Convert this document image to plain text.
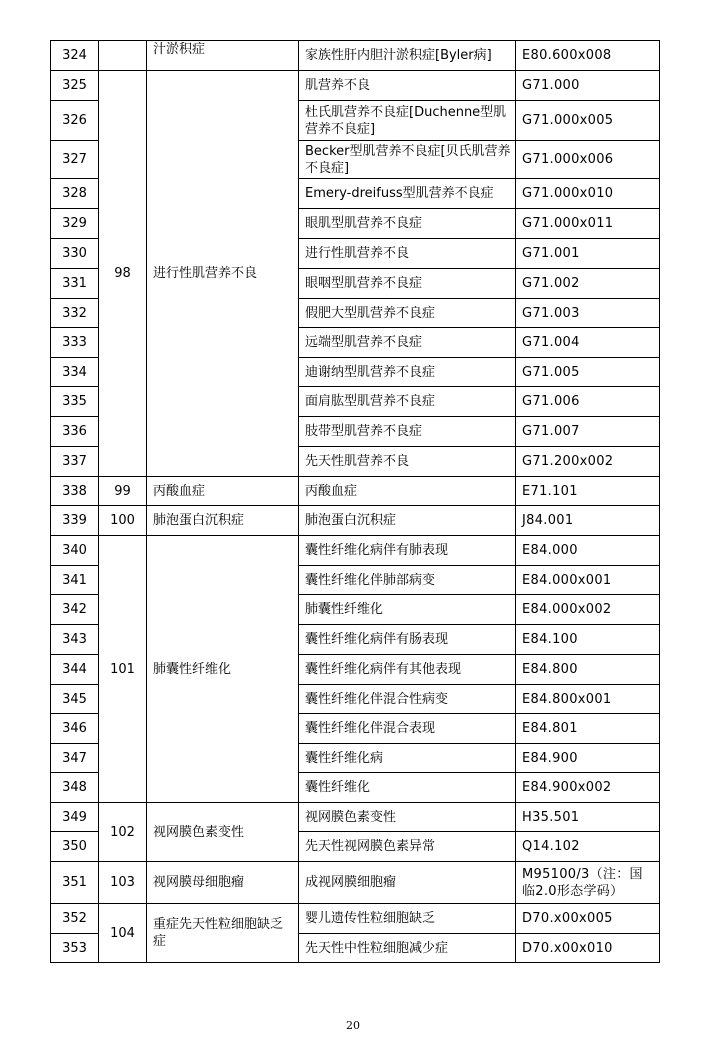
324		汁淤积症	家族性肝内胆汁淤积症[Byler病]	E80.600x008
325	98	进行性肌营养不良	肌营养不良	G71.000
326			杜氏肌营养不良症[Duchenne型肌营养不良症]	G71.000x005
327			Becker型肌营养不良症[贝氏肌营养不良症]	G71.000x006
328			Emery-dreifuss型肌营养不良症	G71.000x010
329			眼肌型肌营养不良症	G71.000x011
330			进行性肌营养不良	G71.001
331			眼咽型肌营养不良症	G71.002
332			假肥大型肌营养不良症	G71.003
333			远端型肌营养不良症	G71.004
334			迪谢纳型肌营养不良症	G71.005
335			面肩肱型肌营养不良症	G71.006
336			肢带型肌营养不良症	G71.007
337			先天性肌营养不良	G71.200x002
338	99	丙酸血症	丙酸血症	E71.101
339	100	肺泡蛋白沉积症	肺泡蛋白沉积症	J84.001
340	101	肺囊性纤维化	囊性纤维化病伴有肺表现	E84.000
341			囊性纤维化伴肺部病变	E84.000x001
342			肺囊性纤维化	E84.000x002
343			囊性纤维化病伴有肠表现	E84.100
344			囊性纤维化病伴有其他表现	E84.800
345			囊性纤维化伴混合性病变	E84.800x001
346			囊性纤维化伴混合表现	E84.801
347			囊性纤维化病	E84.900
348			囊性纤维化	E84.900x002
349	102	视网膜色素变性	视网膜色素变性	H35.501
350			先天性视网膜色素异常	Q14.102
351	103	视网膜母细胞瘤	成视网膜细胞瘤	M95100/3（注：国临2.0形态学码）
352	104	重症先天性粒细胞缺乏症	婴儿遗传性粒细胞缺乏	D70.x00x005
353			先天性中性粒细胞减少症	D70.x00x010
20
